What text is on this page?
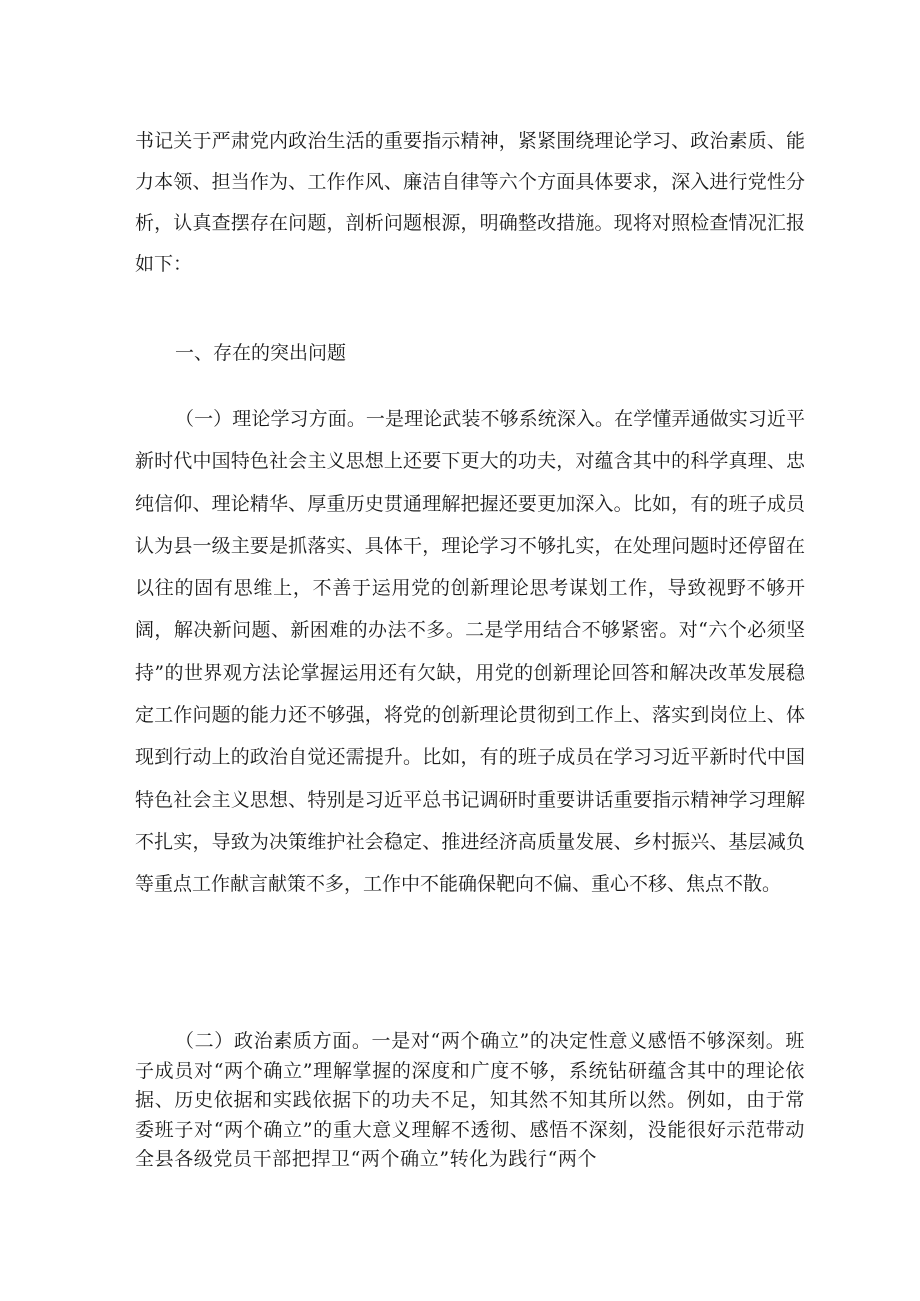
书记关于严肃党内政治生活的重要指示精神，紧紧围绕理论学习、政治素质、能力本领、担当作为、工作作风、廉洁自律等六个方面具体要求，深入进行党性分析，认真查摆存在问题，剖析问题根源，明确整改措施。现将对照检查情况汇报如下：

一、存在的突出问题

（一）理论学习方面。一是理论武装不够系统深入。在学懂弄通做实习近平新时代中国特色社会主义思想上还要下更大的功夫，对蕴含其中的科学真理、忠纯信仰、理论精华、厚重历史贯通理解把握还要更加深入。比如，有的班子成员认为县一级主要是抓落实、具体干，理论学习不够扎实，在处理问题时还停留在以往的固有思维上，不善于运用党的创新理论思考谋划工作，导致视野不够开阔，解决新问题、新困难的办法不多。二是学用结合不够紧密。对“六个必须坚持”的世界观方法论掌握运用还有欠缺，用党的创新理论回答和解决改革发展稳定工作问题的能力还不够强，将党的创新理论贯彻到工作上、落实到岗位上、体现到行动上的政治自觉还需提升。比如，有的班子成员在学习习近平新时代中国特色社会主义思想、特别是习近平总书记调研时重要讲话重要指示精神学习理解不扎实，导致为决策维护社会稳定、推进经济高质量发展、乡村振兴、基层减负等重点工作献言献策不多，工作中不能确保靶向不偏、重心不移、焦点不散。

（二）政治素质方面。一是对“两个确立”的决定性意义感悟不够深刻。班子成员对“两个确立”理解掌握的深度和广度不够，系统钻研蕴含其中的理论依据、历史依据和实践依据下的功夫不足，知其然不知其所以然。例如，由于常委班子对“两个确立”的重大意义理解不透彻、感悟不深刻，没能很好示范带动全县各级党员干部把捍卫“两个确立”转化为践行“两个
